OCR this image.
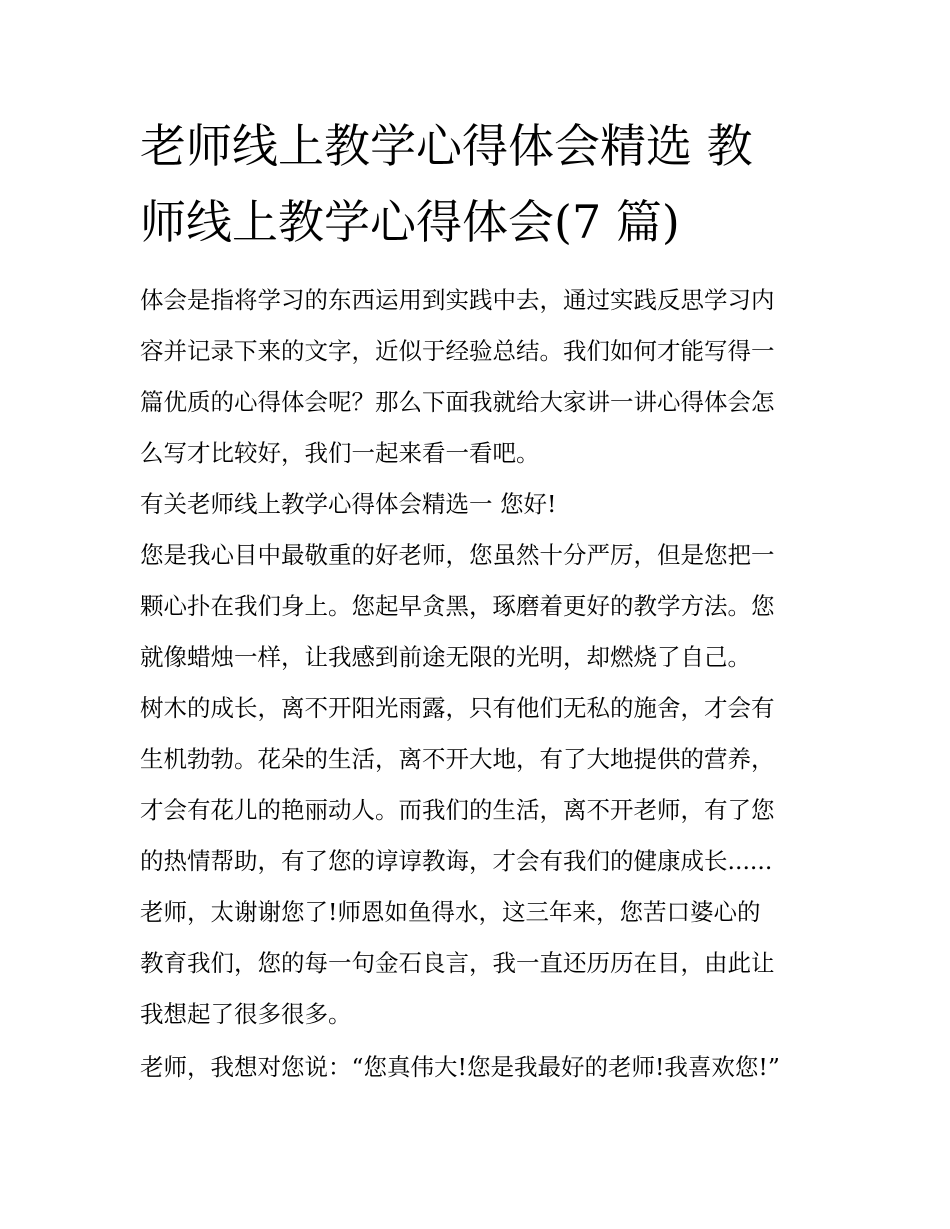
老师线上教学心得体会精选 教
师线上教学心得体会(7 篇)

体会是指将学习的东西运用到实践中去，通过实践反思学习内

容并记录下来的文字，近似于经验总结。我们如何才能写得一

篇优质的心得体会呢？那么下面我就给大家讲一讲心得体会怎

么写才比较好，我们一起来看一看吧。

有关老师线上教学心得体会精选一 您好!

您是我心目中最敬重的好老师，您虽然十分严厉，但是您把一

颗心扑在我们身上。您起早贪黑，琢磨着更好的教学方法。您

就像蜡烛一样，让我感到前途无限的光明，却燃烧了自己。

树木的成长，离不开阳光雨露，只有他们无私的施舍，才会有

生机勃勃。花朵的生活，离不开大地，有了大地提供的营养，

才会有花儿的艳丽动人。而我们的生活，离不开老师，有了您

的热情帮助，有了您的谆谆教诲，才会有我们的健康成长......

老师，太谢谢您了!师恩如鱼得水，这三年来，您苦口婆心的

教育我们，您的每一句金石良言，我一直还历历在目，由此让

我想起了很多很多。

老师，我想对您说：“您真伟大!您是我最好的老师!我喜欢您!”
